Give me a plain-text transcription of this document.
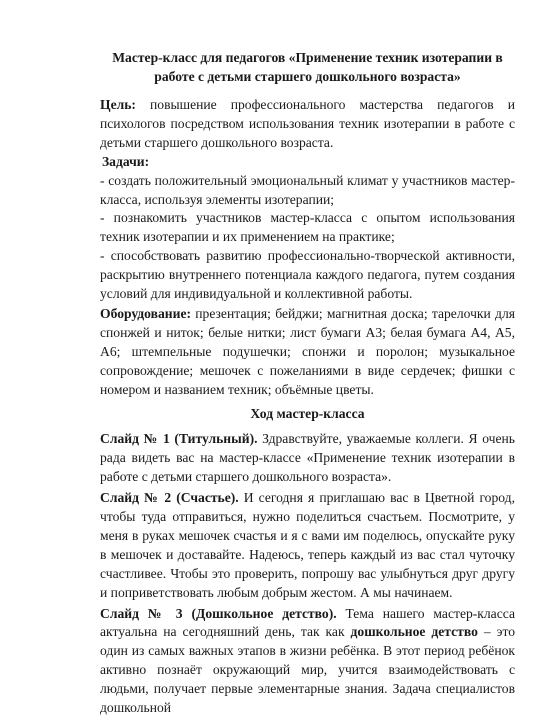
Мастер-класс для педагогов «Применение техник изотерапии в
работе с детьми старшего дошкольного возраста»

Цель: повышение профессионального мастерства педагогов и психологов посредством использования техник изотерапии в работе с детьми старшего дошкольного возраста.

Задачи:

- создать положительный эмоциональный климат у участников мастер-класса, используя элементы изотерапии;

- познакомить участников мастер-класса с опытом использования техник изотерапии и их применением на практике;

- способствовать развитию профессионально-творческой активности, раскрытию внутреннего потенциала каждого педагога, путем создания условий для индивидуальной и коллективной работы.

Оборудование: презентация; бейджи; магнитная доска; тарелочки для спонжей и ниток; белые нитки; лист бумаги А3; белая бумага А4, А5, А6; штемпельные подушечки; спонжи и поролон; музыкальное сопровождение; мешочек с пожеланиями в виде сердечек; фишки с номером и названием техник; объёмные цветы.

Ход мастер-класса

Слайд № 1 (Титульный). Здравствуйте, уважаемые коллеги. Я очень рада видеть вас на мастер-классе «Применение техник изотерапии в работе с детьми старшего дошкольного возраста».

Слайд № 2 (Счастье). И сегодня я приглашаю вас в Цветной город, чтобы туда отправиться, нужно поделиться счастьем. Посмотрите, у меня в руках мешочек счастья и я с вами им поделюсь, опускайте руку в мешочек и доставайте. Надеюсь, теперь каждый из вас стал чуточку счастливее. Чтобы это проверить, попрошу вас улыбнуться друг другу и поприветствовать любым добрым жестом. А мы начинаем.

Слайд № 3 (Дошкольное детство). Тема нашего мастер-класса актуальна на сегодняшний день, так как дошкольное детство – это один из самых важных этапов в жизни ребёнка. В этот период ребёнок активно познаёт окружающий мир, учится взаимодействовать с людьми, получает первые элементарные знания. Задача специалистов дошкольной
